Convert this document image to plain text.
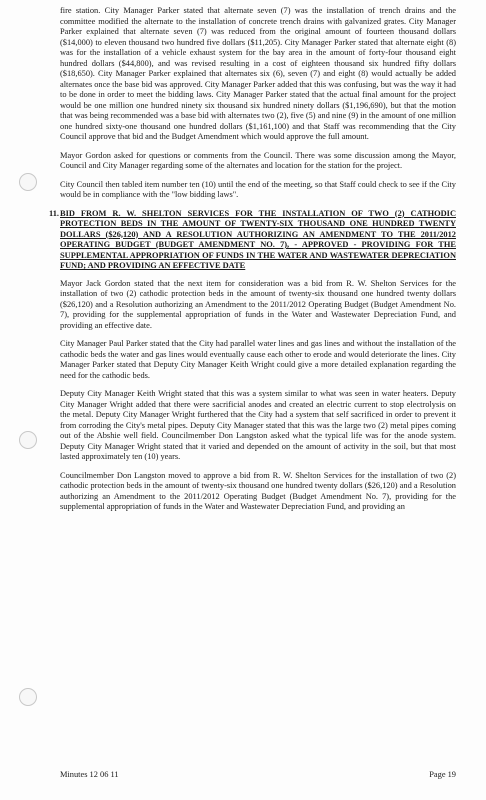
fire station. City Manager Parker stated that alternate seven (7) was the installation of trench drains and the committee modified the alternate to the installation of concrete trench drains with galvanized grates. City Manager Parker explained that alternate seven (7) was reduced from the original amount of fourteen thousand dollars ($14,000) to eleven thousand two hundred five dollars ($11,205). City Manager Parker stated that alternate eight (8) was for the installation of a vehicle exhaust system for the bay area in the amount of forty-four thousand eight hundred dollars ($44,800), and was revised resulting in a cost of eighteen thousand six hundred fifty dollars ($18,650). City Manager Parker explained that alternates six (6), seven (7) and eight (8) would actually be added alternates once the base bid was approved. City Manager Parker added that this was confusing, but was the way it had to be done in order to meet the bidding laws. City Manager Parker stated that the actual final amount for the project would be one million one hundred ninety six thousand six hundred ninety dollars ($1,196,690), but that the motion that was being recommended was a base bid with alternates two (2), five (5) and nine (9) in the amount of one million one hundred sixty-one thousand one hundred dollars ($1,161,100) and that Staff was recommending that the City Council approve that bid and the Budget Amendment which would approve the full amount.

Mayor Gordon asked for questions or comments from the Council. There was some discussion among the Mayor, Council and City Manager regarding some of the alternates and location for the station for the project.

City Council then tabled item number ten (10) until the end of the meeting, so that Staff could check to see if the City would be in compliance with the "low bidding laws".

11. BID FROM R. W. SHELTON SERVICES FOR THE INSTALLATION OF TWO (2) CATHODIC PROTECTION BEDS IN THE AMOUNT OF TWENTY-SIX THOUSAND ONE HUNDRED TWENTY DOLLARS ($26,120) AND A RESOLUTION AUTHORIZING AN AMENDMENT TO THE 2011/2012 OPERATING BUDGET (BUDGET AMENDMENT NO. 7), - APPROVED - PROVIDING FOR THE SUPPLEMENTAL APPROPRIATION OF FUNDS IN THE WATER AND WASTEWATER DEPRECIATION FUND; AND PROVIDING AN EFFECTIVE DATE

Mayor Jack Gordon stated that the next item for consideration was a bid from R. W. Shelton Services for the installation of two (2) cathodic protection beds in the amount of twenty-six thousand one hundred twenty dollars ($26,120) and a Resolution authorizing an Amendment to the 2011/2012 Operating Budget (Budget Amendment No. 7), providing for the supplemental appropriation of funds in the Water and Wastewater Depreciation Fund, and providing an effective date.

City Manager Paul Parker stated that the City had parallel water lines and gas lines and without the installation of the cathodic beds the water and gas lines would eventually cause each other to erode and would deteriorate the lines. City Manager Parker stated that Deputy City Manager Keith Wright could give a more detailed explanation regarding the need for the cathodic beds.

Deputy City Manager Keith Wright stated that this was a system similar to what was seen in water heaters. Deputy City Manager Wright added that there were sacrificial anodes and created an electric current to stop electrolysis on the metal. Deputy City Manager Wright furthered that the City had a system that self sacrificed in order to prevent it from corroding the City's metal pipes. Deputy City Manager stated that this was the large two (2) metal pipes coming out of the Abshie well field. Councilmember Don Langston asked what the typical life was for the anode system. Deputy City Manager Wright stated that it varied and depended on the amount of activity in the soil, but that most lasted approximately ten (10) years.

Councilmember Don Langston moved to approve a bid from R. W. Shelton Services for the installation of two (2) cathodic protection beds in the amount of twenty-six thousand one hundred twenty dollars ($26,120) and a Resolution authorizing an Amendment to the 2011/2012 Operating Budget (Budget Amendment No. 7), providing for the supplemental appropriation of funds in the Water and Wastewater Depreciation Fund, and providing an

Minutes 12 06 11	Page 19
